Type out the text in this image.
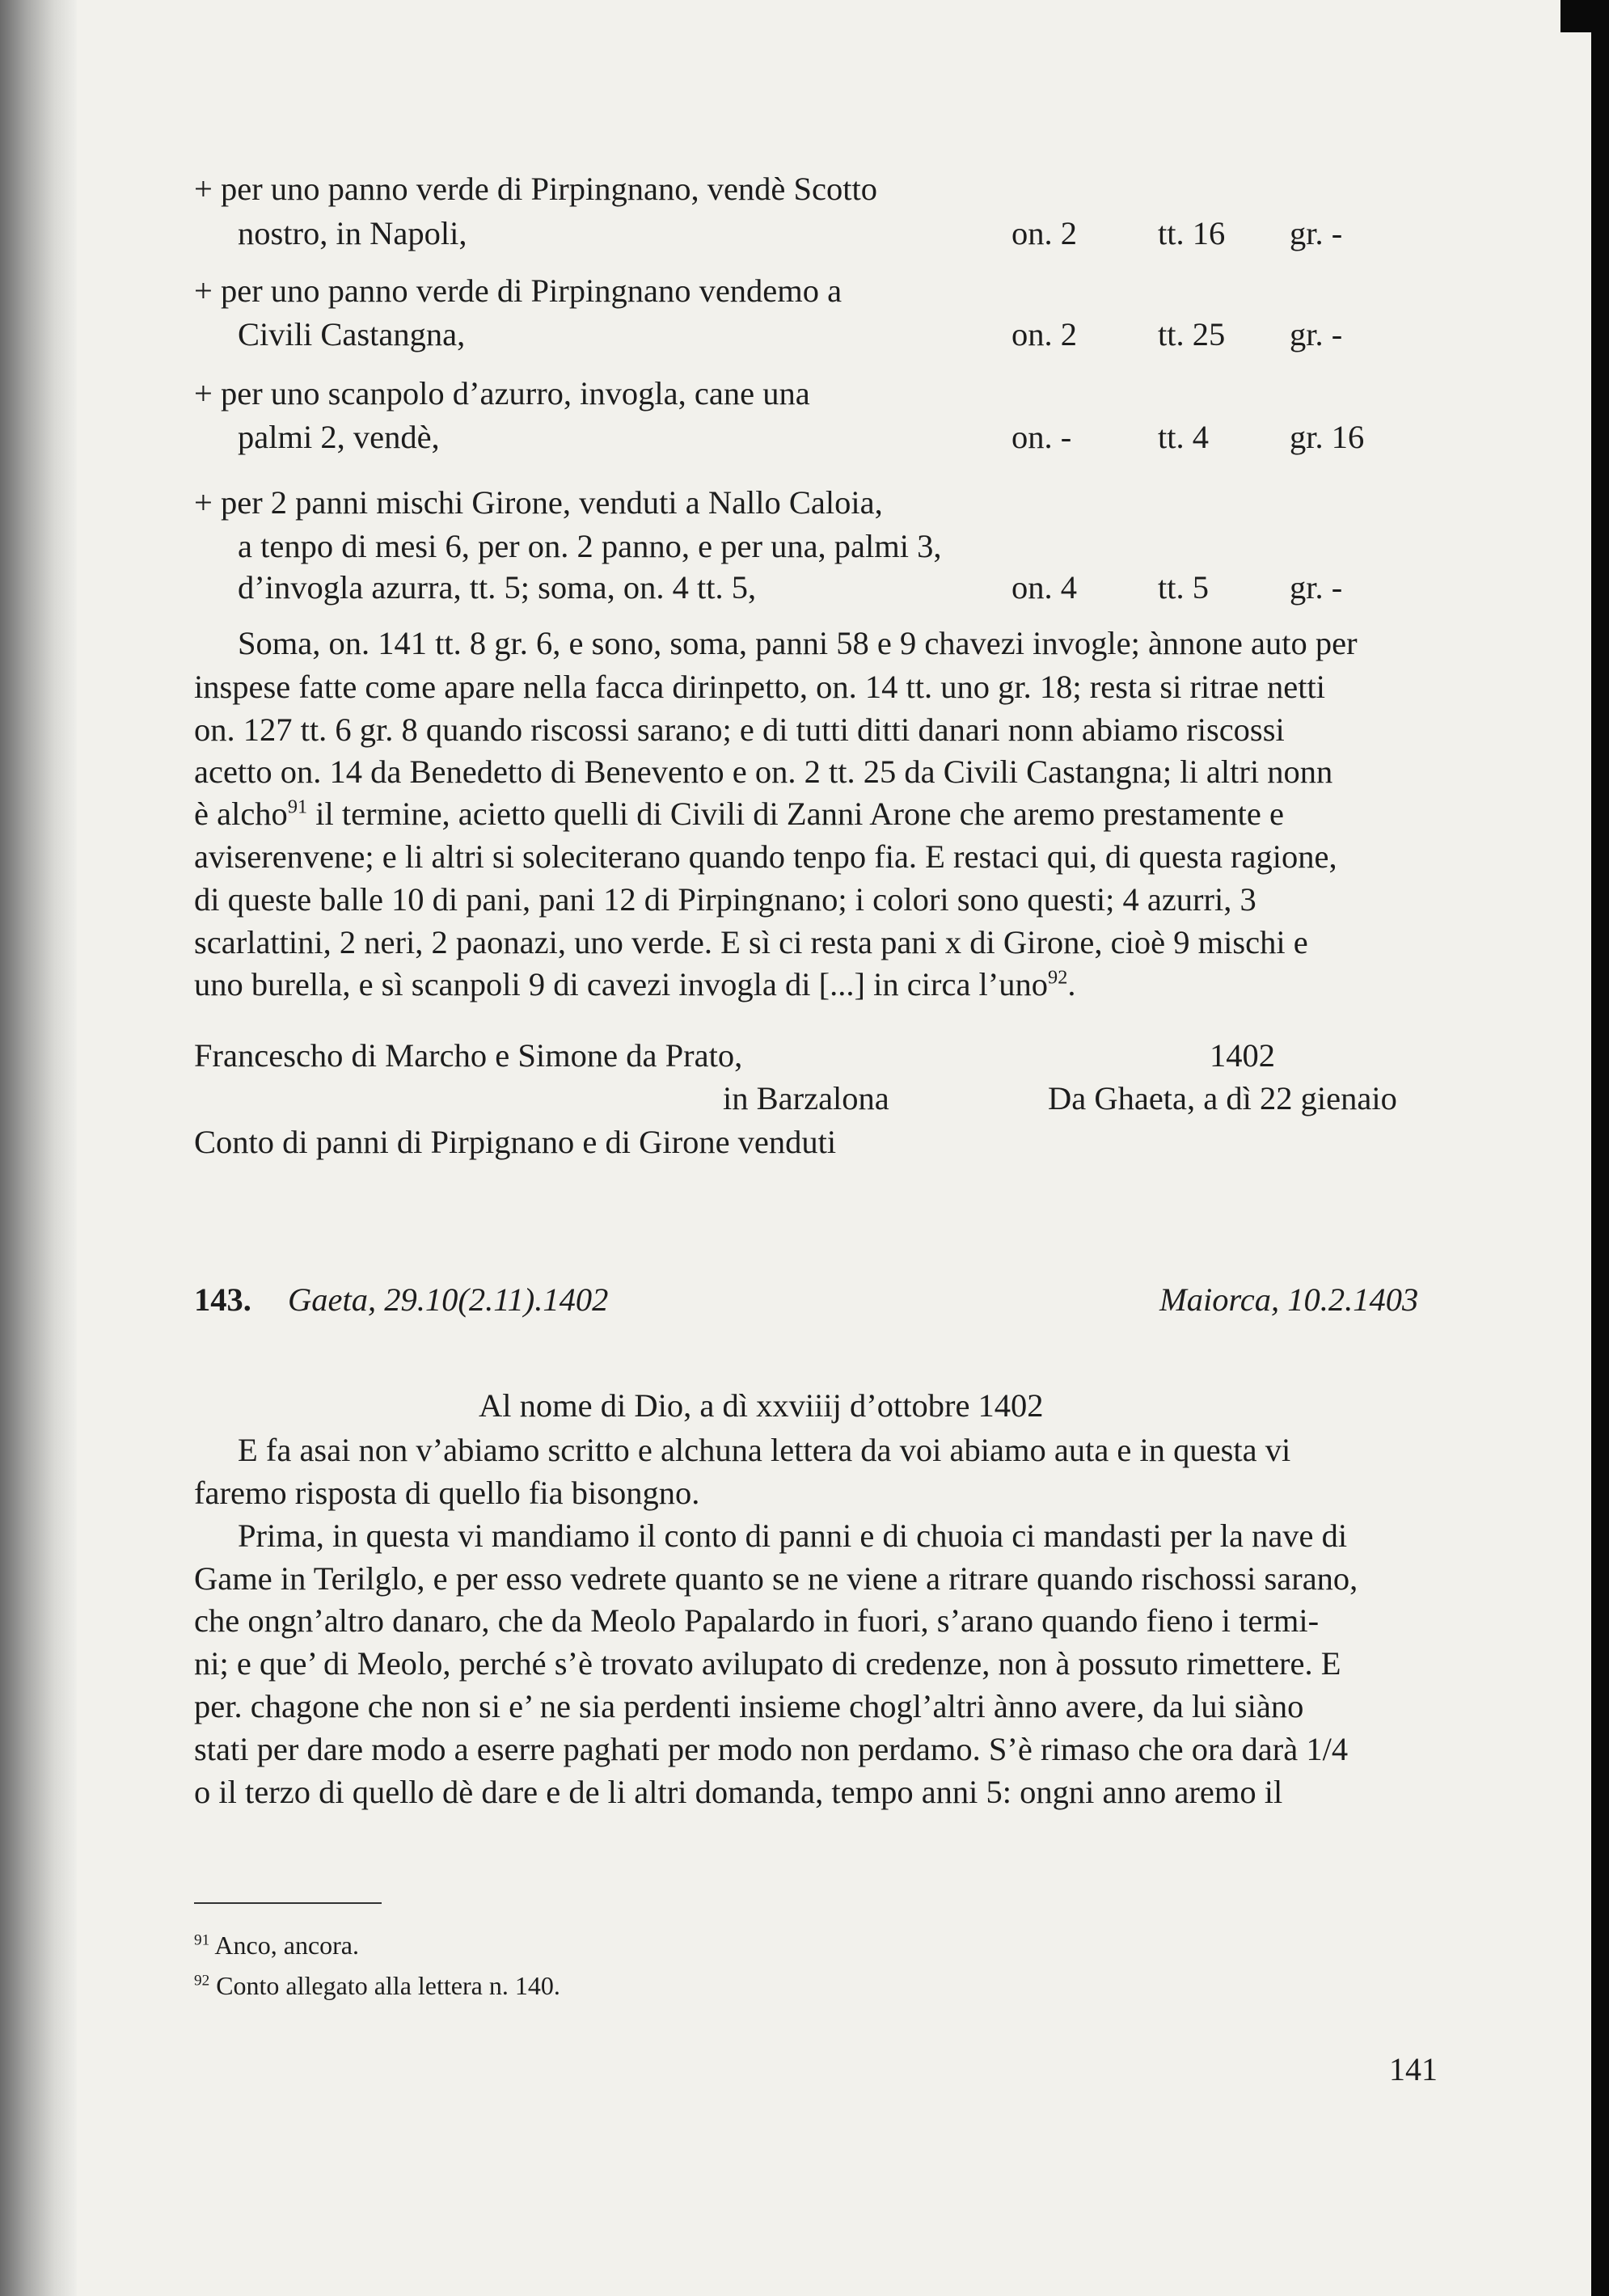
+ per uno panno verde di Pirpingnano, vendè Scotto
nostro, in Napoli,	on. 2 tt. 16 gr. -
+ per uno panno verde di Pirpingnano vendemo a
Civili Castangna,	on. 2 tt. 25 gr. -
+ per uno scanpolo d’azurro, invogla, cane una
palmi 2, vendè,	on. -	tt. 4 gr. 16
+ per 2 panni mischi Girone, venduti a Nallo Caloia,
a tenpo di mesi 6, per on. 2 panno, e per una, palmi 3,
d’invogla azurra, tt. 5; soma, on. 4 tt. 5,	on. 4 tt. 5 gr. -
Soma, on. 141 tt. 8 gr. 6, e sono, soma, panni 58 e 9 chavezi invogle; ànnone auto per
inspese fatte come apare nella facca dirinpetto, on. 14 tt. uno gr. 18; resta si ritrae netti
on. 127 tt. 6 gr. 8 quando riscossi sarano; e di tutti ditti danari nonn abiamo riscossi
acetto on. 14 da Benedetto di Benevento e on. 2 tt. 25 da Civili Castangna; li altri nonn
è alcho$^{91}$ il termine, acietto quelli di Civili di Zanni Arone che aremo prestamente e
aviserenvene; e li altri si soleciterano quando tenpo fia. E restaci qui, di questa ragione,
di queste balle 10 di pani, pani 12 di Pirpingnano; i colori sono questi; 4 azurri, 3
scarlattini, 2 neri, 2 paonazi, uno verde. E sì ci resta pani x di Girone, cioè 9 mischi e
uno burella, e sì scanpoli 9 di cavezi invogla di [...] in circa l’uno$^{92}$.
Francescho di Marcho e Simone da Prato,	1402
in Barzalona	Da Ghaeta, a dì 22 gienaio
Conto di panni di Pirpignano e di Girone venduti
143. Gaeta, 29.10(2.11).1402	Maiorca, 10.2.1403
Al nome di Dio, a dì xxviiij d’ottobre 1402
E fa asai non v’abiamo scritto e alchuna lettera da voi abiamo auta e in questa vi
faremo risposta di quello fia bisongno.
Prima, in questa vi mandiamo il conto di panni e di chuoia ci mandasti per la nave di
Game in Terilglo, e per esso vedrete quanto se ne viene a ritrare quando rischossi sarano,
che ongn’altro danaro, che da Meolo Papalardo in fuori, s’arano quando fieno i termi-
ni; e que’ di Meolo, perché s’è trovato avilupato di credenze, non à possuto rimettere. E
per. chagone che non si e’ ne sia perdenti insieme chogl’altri ànno avere, da lui siàno
stati per dare modo a eserre paghati per modo non perdamo. S’è rimaso che ora darà 1/4
o il terzo di quello dè dare e de li altri domanda, tempo anni 5: ongni anno aremo il
$^{91}$ Anco, ancora.
$^{92}$ Conto allegato alla lettera n. 140.
141
